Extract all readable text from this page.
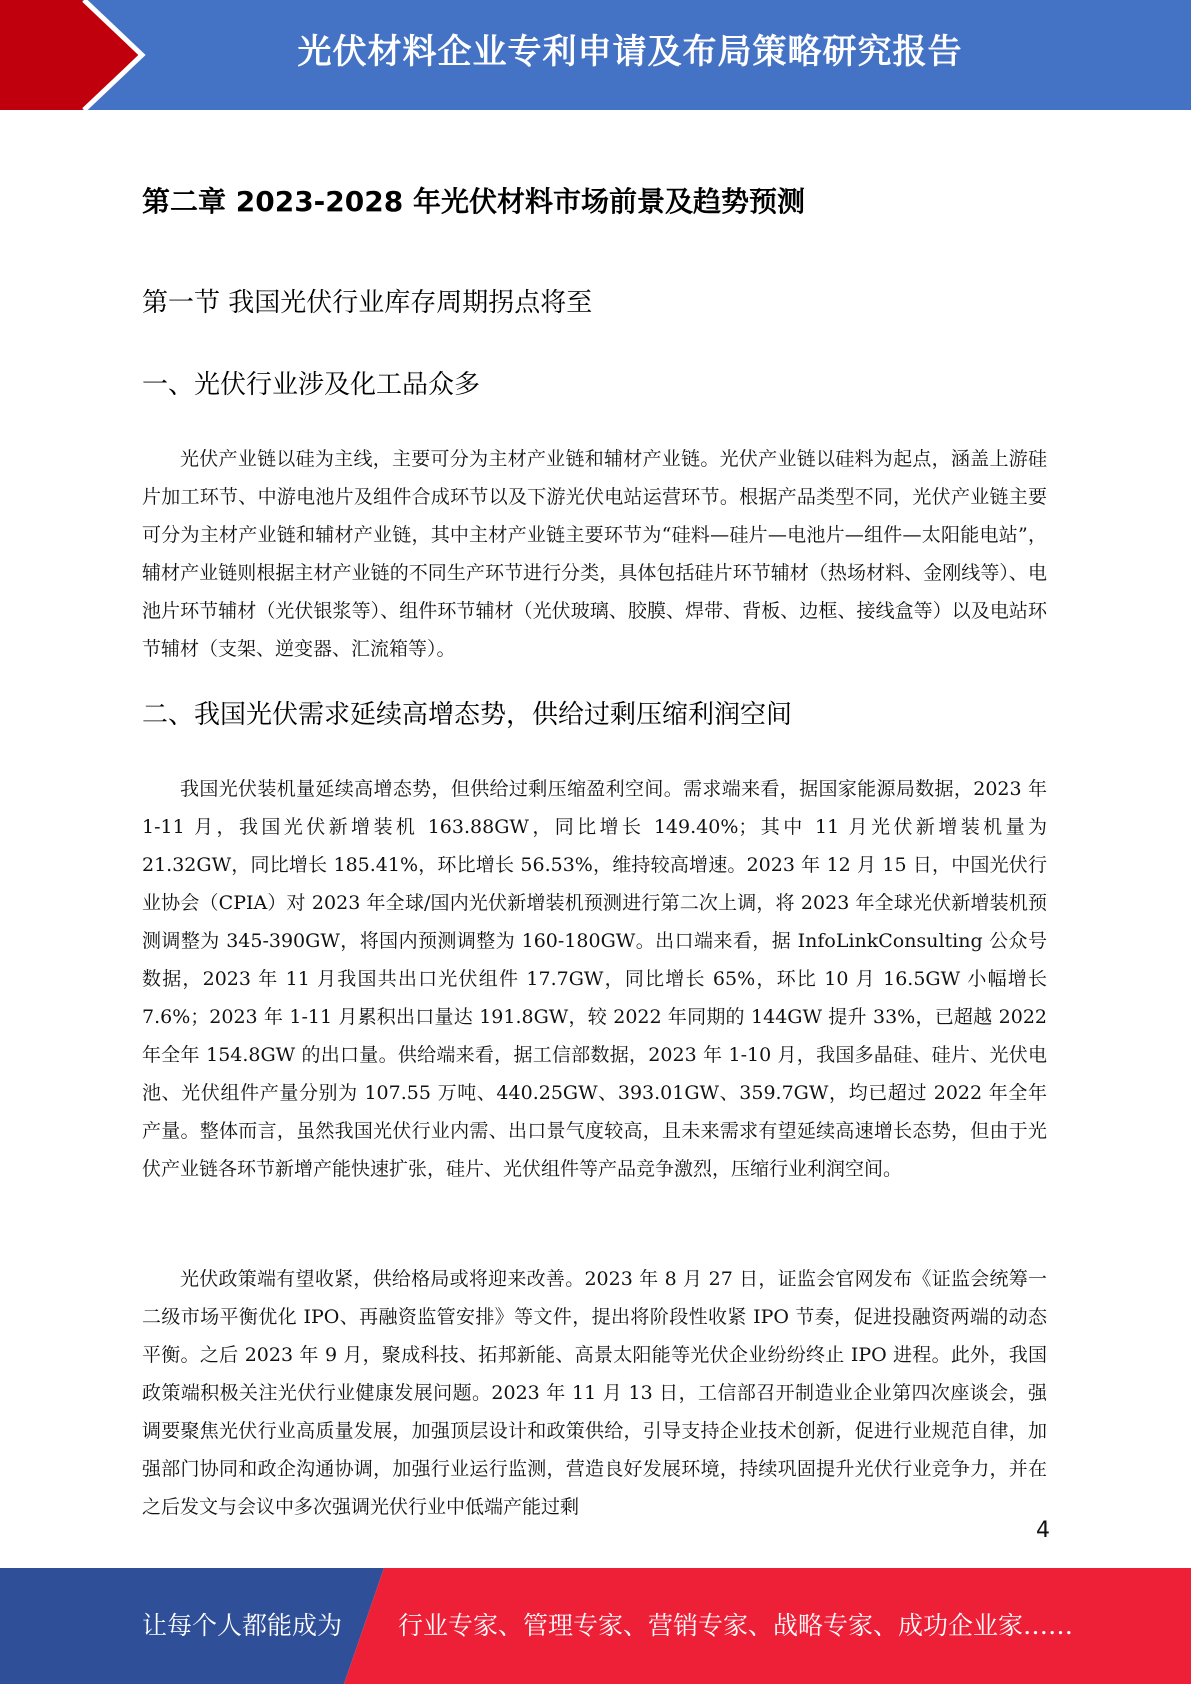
光伏材料企业专利申请及布局策略研究报告
第二章 2023-2028 年光伏材料市场前景及趋势预测
第一节 我国光伏行业库存周期拐点将至
一、光伏行业涉及化工品众多

光伏产业链以硅为主线，主要可分为主材产业链和辅材产业链。光伏产业链以硅料为起点，涵盖上游硅片加工环节、中游电池片及组件合成环节以及下游光伏电站运营环节。根据产品类型不同，光伏产业链主要可分为主材产业链和辅材产业链，其中主材产业链主要环节为“硅料—硅片—电池片—组件—太阳能电站”，辅材产业链则根据主材产业链的不同生产环节进行分类，具体包括硅片环节辅材（热场材料、金刚线等）、电池片环节辅材（光伏银浆等）、组件环节辅材（光伏玻璃、胶膜、焊带、背板、边框、接线盒等）以及电站环节辅材（支架、逆变器、汇流箱等）。

二、我国光伏需求延续高增态势，供给过剩压缩利润空间

我国光伏装机量延续高增态势，但供给过剩压缩盈利空间。需求端来看，据国家能源局数据，2023 年 1-11 月，我国光伏新增装机 163.88GW，同比增长 149.40%；其中 11 月光伏新增装机量为 21.32GW，同比增长 185.41%，环比增长 56.53%，维持较高增速。2023 年 12 月 15 日，中国光伏行业协会（CPIA）对 2023 年全球/国内光伏新增装机预测进行第二次上调，将 2023 年全球光伏新增装机预测调整为 345-390GW，将国内预测调整为 160-180GW。出口端来看，据 InfoLinkConsulting 公众号数据，2023 年 11 月我国共出口光伏组件 17.7GW，同比增长 65%，环比 10 月 16.5GW 小幅增长 7.6%；2023 年 1-11 月累积出口量达 191.8GW，较 2022 年同期的 144GW 提升 33%，已超越 2022 年全年 154.8GW 的出口量。供给端来看，据工信部数据，2023 年 1-10 月，我国多晶硅、硅片、光伏电池、光伏组件产量分别为 107.55 万吨、440.25GW、393.01GW、359.7GW，均已超过 2022 年全年产量。整体而言，虽然我国光伏行业内需、出口景气度较高，且未来需求有望延续高速增长态势，但由于光伏产业链各环节新增产能快速扩张，硅片、光伏组件等产品竞争激烈，压缩行业利润空间。

光伏政策端有望收紧，供给格局或将迎来改善。2023 年 8 月 27 日，证监会官网发布《证监会统筹一二级市场平衡优化 IPO、再融资监管安排》等文件，提出将阶段性收紧 IPO 节奏，促进投融资两端的动态平衡。之后 2023 年 9 月，聚成科技、拓邦新能、高景太阳能等光伏企业纷纷终止 IPO 进程。此外，我国政策端积极关注光伏行业健康发展问题。2023 年 11 月 13 日，工信部召开制造业企业第四次座谈会，强调要聚焦光伏行业高质量发展，加强顶层设计和政策供给，引导支持企业技术创新，促进行业规范自律，加强部门协同和政企沟通协调，加强行业运行监测，营造良好发展环境，持续巩固提升光伏行业竞争力，并在之后发文与会议中多次强调光伏行业中低端产能过剩

4
让每个人都能成为 行业专家、管理专家、营销专家、战略专家、成功企业家……
